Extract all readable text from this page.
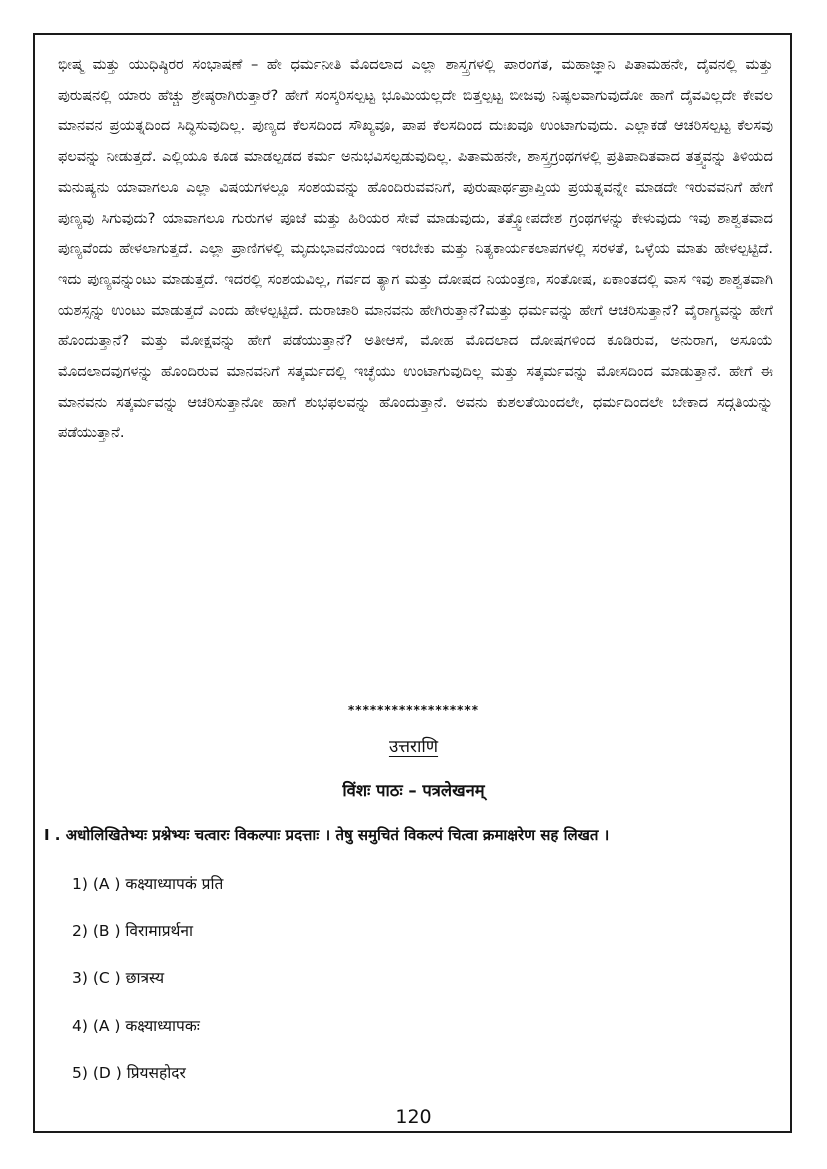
ಭೀಷ್ಮ ಮತ್ತು ಯುಧಿಷ್ಠಿರರ ಸಂಭಾಷಣೆ – ಹೇ ಧರ್ಮನೀತಿ ಮೊದಲಾದ ಎಲ್ಲಾ ಶಾಸ್ತ್ರಗಳಲ್ಲಿ ಪಾರಂಗತ, ಮಹಾಜ್ಞಾನಿ ಪಿತಾಮಹನೇ, ದೈವನಲ್ಲಿ ಮತ್ತು ಪುರುಷನಲ್ಲಿ ಯಾರು ಹೆಚ್ಚು ಶ್ರೇಷ್ಠರಾಗಿರುತ್ತಾರೆ? ಹೇಗೆ ಸಂಸ್ಕರಿಸಲ್ಪಟ್ಟ ಭೂಮಿಯಲ್ಲದೇ ಬಿತ್ತಲ್ಪಟ್ಟ ಬೀಜವು ನಿಷ್ಫಲವಾಗುವುದೋ ಹಾಗೆ ದೈವವಿಲ್ಲದೇ ಕೇವಲ ಮಾನವನ ಪ್ರಯತ್ನದಿಂದ ಸಿದ್ಧಿಸುವುದಿಲ್ಲ. ಪುಣ್ಯದ ಕೆಲಸದಿಂದ ಸೌಖ್ಯವೂ, ಪಾಪ ಕೆಲಸದಿಂದ ದುಃಖವೂ ಉಂಟಾಗುವುದು. ಎಲ್ಲಾಕಡೆ ಆಚರಿಸಲ್ಪಟ್ಟ ಕೆಲಸವು ಫಲವನ್ನು ನೀಡುತ್ತದೆ. ಎಲ್ಲಿಯೂ ಕೂಡ ಮಾಡಲ್ಪಡದ ಕರ್ಮ ಅನುಭವಿಸಲ್ಪಡುವುದಿಲ್ಲ. ಪಿತಾಮಹನೇ, ಶಾಸ್ತ್ರಗ್ರಂಥಗಳಲ್ಲಿ ಪ್ರತಿಪಾದಿತವಾದ ತತ್ತ್ವವನ್ನು ತಿಳಿಯದ ಮನುಷ್ಯನು ಯಾವಾಗಲೂ ಎಲ್ಲಾ ವಿಷಯಗಳಲ್ಲೂ ಸಂಶಯವನ್ನು ಹೊಂದಿರುವವನಿಗೆ, ಪುರುಷಾರ್ಥಪ್ರಾಪ್ತಿಯ ಪ್ರಯತ್ನವನ್ನೇ ಮಾಡದೇ ಇರುವವನಿಗೆ ಹೇಗೆ ಪುಣ್ಯವು ಸಿಗುವುದು? ಯಾವಾಗಲೂ ಗುರುಗಳ ಪೂಜೆ ಮತ್ತು ಹಿರಿಯರ ಸೇವೆ ಮಾಡುವುದು, ತತ್ತ್ವೋಪದೇಶ ಗ್ರಂಥಗಳನ್ನು ಕೇಳುವುದು ಇವು ಶಾಶ್ವತವಾದ ಪುಣ್ಯವೆಂದು ಹೇಳಲಾಗುತ್ತದೆ. ಎಲ್ಲಾ ಪ್ರಾಣಿಗಳಲ್ಲಿ ಮೃದುಭಾವನೆಯಿಂದ ಇರಬೇಕು ಮತ್ತು ನಿತ್ಯಕಾರ್ಯಕಲಾಪಗಳಲ್ಲಿ ಸರಳತೆ, ಒಳ್ಳೆಯ ಮಾತು ಹೇಳಲ್ಪಟ್ಟಿದೆ. ಇದು ಪುಣ್ಯವನ್ನುಂಟು ಮಾಡುತ್ತದೆ. ಇದರಲ್ಲಿ ಸಂಶಯವಿಲ್ಲ, ಗರ್ವದ ತ್ಯಾಗ ಮತ್ತು ದೋಷದ ನಿಯಂತ್ರಣ, ಸಂತೋಷ, ಏಕಾಂತದಲ್ಲಿ ವಾಸ ಇವು ಶಾಶ್ವತವಾಗಿ ಯಶಸ್ಸನ್ನು ಉಂಟು ಮಾಡುತ್ತದೆ ಎಂದು ಹೇಳಲ್ಪಟ್ಟಿದೆ. ದುರಾಚಾರಿ ಮಾನವನು ಹೇಗಿರುತ್ತಾನೆ?ಮತ್ತು ಧರ್ಮವನ್ನು ಹೇಗೆ ಆಚರಿಸುತ್ತಾನೆ? ವೈರಾಗ್ಯವನ್ನು ಹೇಗೆ ಹೊಂದುತ್ತಾನೆ? ಮತ್ತು ಮೋಕ್ಷವನ್ನು ಹೇಗೆ ಪಡೆಯುತ್ತಾನೆ? ಅತೀಆಸೆ, ಮೋಹ ಮೊದಲಾದ ದೋಷಗಳಿಂದ ಕೂಡಿರುವ, ಅನುರಾಗ, ಅಸೂಯೆ ಮೊದಲಾದವುಗಳನ್ನು ಹೊಂದಿರುವ ಮಾನವನಿಗೆ ಸತ್ಕರ್ಮದಲ್ಲಿ ಇಚ್ಛೆಯು ಉಂಟಾಗುವುದಿಲ್ಲ ಮತ್ತು ಸತ್ಕರ್ಮವನ್ನು ಮೋಸದಿಂದ ಮಾಡುತ್ತಾನೆ. ಹೇಗೆ ಈ ಮಾನವನು ಸತ್ಕರ್ಮವನ್ನು ಆಚರಿಸುತ್ತಾನೋ ಹಾಗೆ ಶುಭಫಲವನ್ನು ಹೊಂದುತ್ತಾನೆ. ಅವನು ಕುಶಲತೆಯಿಂದಲೇ, ಧರ್ಮದಿಂದಲೇ ಬೇಕಾದ ಸದ್ಗತಿಯನ್ನು ಪಡೆಯುತ್ತಾನೆ.

******************
उत्तराणि
विंशः पाठः – पत्रलेखनम्
I . अधोलिखितेभ्यः प्रश्नेभ्यः चत्वारः विकल्पाः प्रदत्ताः । तेषु समुचितं विकल्पं चित्वा क्रमाक्षरेण सह लिखत ।
1) (A ) कक्ष्याध्यापकं प्रति
2) (B ) विरामाप्रर्थना
3) (C ) छात्रस्य
4) (A ) कक्ष्याध्यापकः
5) (D ) प्रियसहोदर
120
